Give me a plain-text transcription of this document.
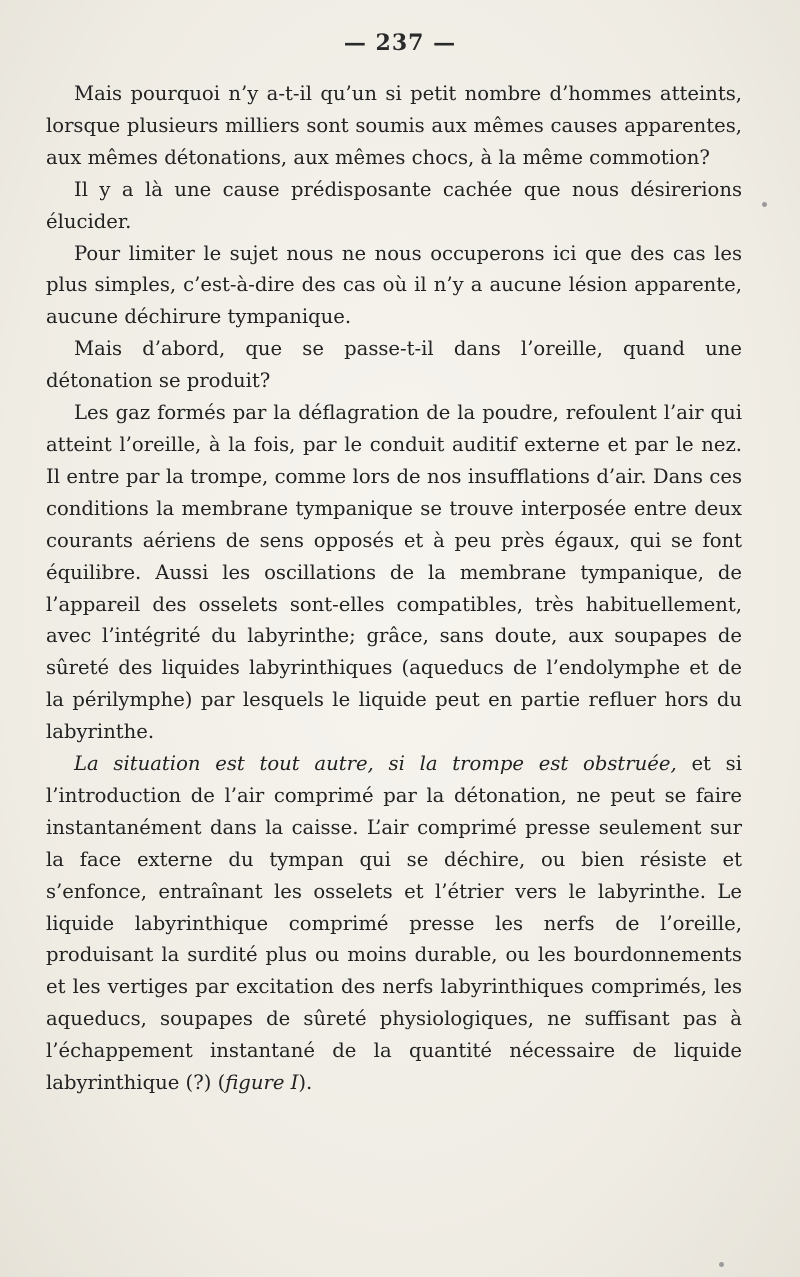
— 237 —

Mais pourquoi n’y a-t-il qu’un si petit nombre d’hommes atteints, lorsque plusieurs milliers sont soumis aux mêmes causes apparentes, aux mêmes détonations, aux mêmes chocs, à la même commotion?

Il y a là une cause prédisposante cachée que nous désirerions élucider.

Pour limiter le sujet nous ne nous occuperons ici que des cas les plus simples, c’est-à-dire des cas où il n’y a aucune lésion apparente, aucune déchirure tympanique.

Mais d’abord, que se passe-t-il dans l’oreille, quand une détonation se produit?

Les gaz formés par la déflagration de la poudre, refoulent l’air qui atteint l’oreille, à la fois, par le conduit auditif externe et par le nez. Il entre par la trompe, comme lors de nos insufflations d’air. Dans ces conditions la membrane tympanique se trouve interposée entre deux courants aériens de sens opposés et à peu près égaux, qui se font équilibre. Aussi les oscillations de la membrane tympanique, de l’appareil des osselets sont-elles compatibles, très habituellement, avec l’intégrité du labyrinthe; grâce, sans doute, aux soupapes de sûreté des liquides labyrinthiques (aqueducs de l’endolymphe et de la périlymphe) par lesquels le liquide peut en partie refluer hors du labyrinthe.

La situation est tout autre, si la trompe est obstruée, et si l’introduction de l’air comprimé par la détonation, ne peut se faire instantanément dans la caisse. L’air comprimé presse seulement sur la face externe du tympan qui se déchire, ou bien résiste et s’enfonce, entraînant les osselets et l’étrier vers le labyrinthe. Le liquide labyrinthique comprimé presse les nerfs de l’oreille, produisant la surdité plus ou moins durable, ou les bourdonnements et les vertiges par excitation des nerfs labyrinthiques comprimés, les aqueducs, soupapes de sûreté physiologiques, ne suffisant pas à l’échappement instantané de la quantité nécessaire de liquide labyrinthique (?) (figure I).
